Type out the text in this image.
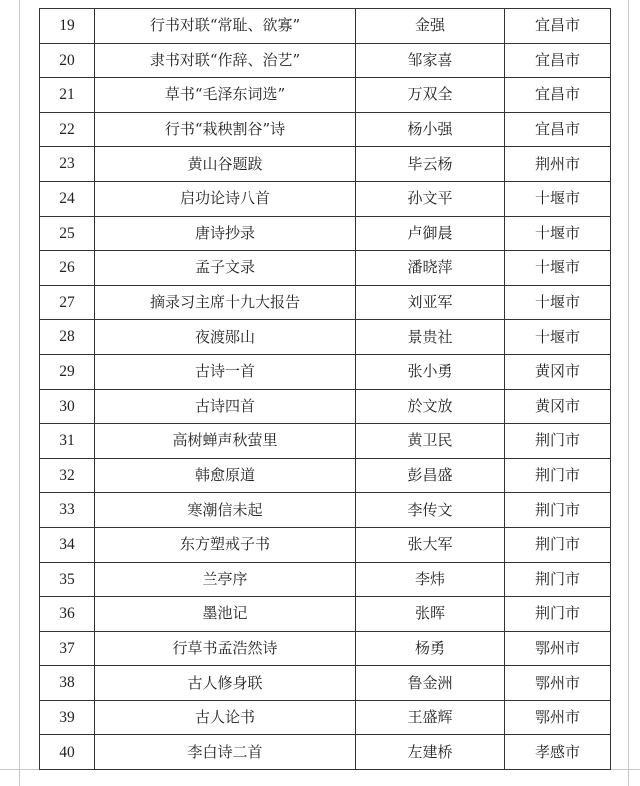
19	行书对联“常耻、欲寡”	金强	宜昌市
20	隶书对联“作辞、治艺”	邹家喜	宜昌市
21	草书“毛泽东词选”	万双全	宜昌市
22	行书“栽秧割谷”诗	杨小强	宜昌市
23	黄山谷题跋	毕云杨	荆州市
24	启功论诗八首	孙文平	十堰市
25	唐诗抄录	卢御晨	十堰市
26	孟子文录	潘晓萍	十堰市
27	摘录习主席十九大报告	刘亚军	十堰市
28	夜渡郧山	景贵社	十堰市
29	古诗一首	张小勇	黄冈市
30	古诗四首	於文放	黄冈市
31	高树蝉声秋萤里	黄卫民	荆门市
32	韩愈原道	彭昌盛	荆门市
33	寒潮信未起	李传文	荆门市
34	东方塑戒子书	张大军	荆门市
35	兰亭序	李炜	荆门市
36	墨池记	张晖	荆门市
37	行草书孟浩然诗	杨勇	鄂州市
38	古人修身联	鲁金洲	鄂州市
39	古人论书	王盛辉	鄂州市
40	李白诗二首	左建桥	孝感市
